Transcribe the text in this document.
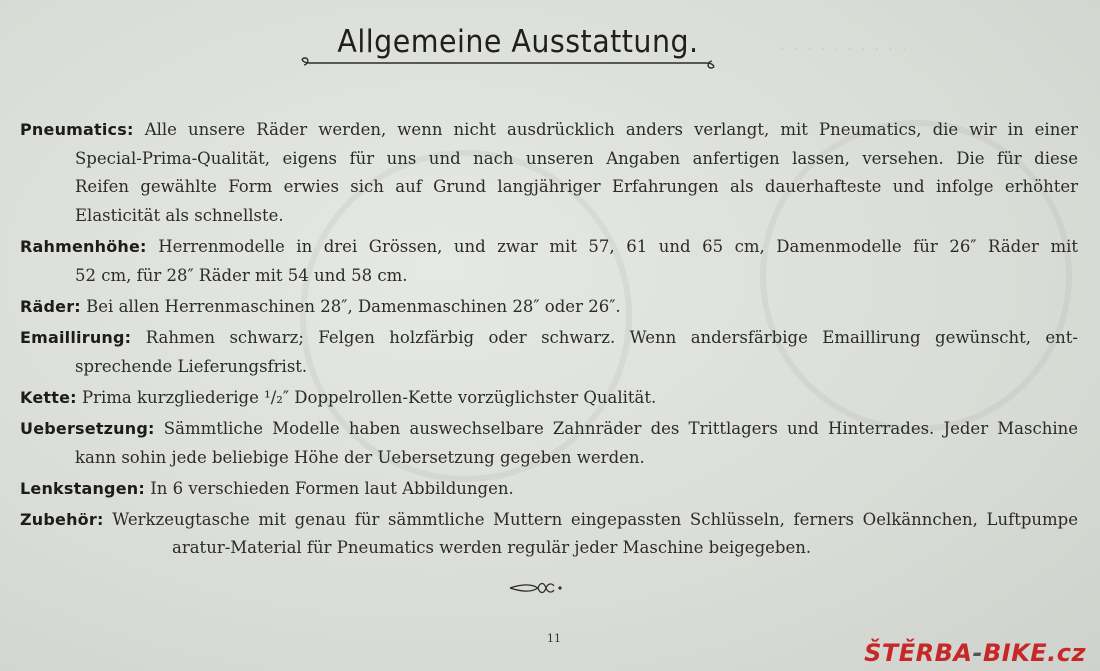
· · · · · · · · · ·
Allgemeine Ausstattung.
Pneumatics: Alle unsere Räder werden, wenn nicht ausdrücklich anders verlangt, mit Pneumatics, die wir in einer
Special-Prima-Qualität, eigens für uns und nach unseren Angaben anfertigen lassen, versehen. Die für diese
Reifen gewählte Form erwies sich auf Grund langjähriger Erfahrungen als dauerhafteste und infolge erhöhter
Elasticität als schnellste.
Rahmenhöhe: Herrenmodelle in drei Grössen, und zwar mit 57, 61 und 65 cm, Damenmodelle für 26″ Räder mit
52 cm, für 28″ Räder mit 54 und 58 cm.
Räder: Bei allen Herrenmaschinen 28″, Damenmaschinen 28″ oder 26″.
Emaillirung: Rahmen schwarz; Felgen holzfärbig oder schwarz. Wenn andersfärbige Emaillirung gewünscht, ent-
sprechende Lieferungsfrist.
Kette: Prima kurzgliederige ¹/₂″ Doppelrollen-Kette vorzüglichster Qualität.
Uebersetzung: Sämmtliche Modelle haben auswechselbare Zahnräder des Trittlagers und Hinterrades. Jeder Maschine
kann sohin jede beliebige Höhe der Uebersetzung gegeben werden.
Lenkstangen: In 6 verschieden Formen laut Abbildungen.
Zubehör: Werkzeugtasche mit genau für sämmtliche Muttern eingepassten Schlüsseln, ferners Oelkännchen, Luftpumpe
aratur-Material für Pneumatics werden regulär jeder Maschine beigegeben.
11
ŠTĚRBA-BIKE.cz
